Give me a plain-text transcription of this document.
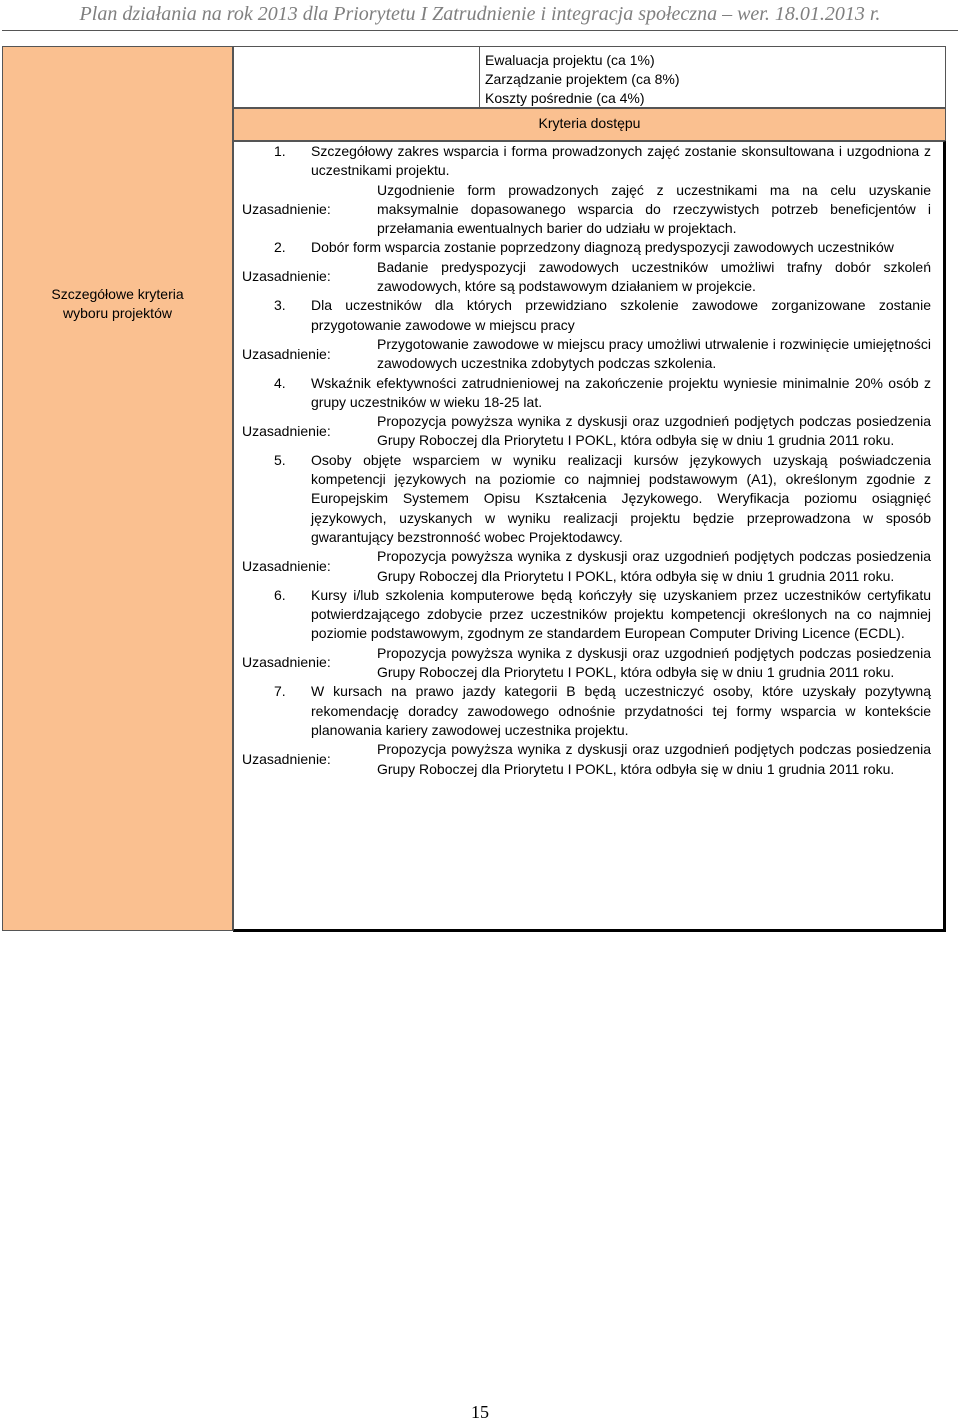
Plan działania na rok 2013 dla Priorytetu I Zatrudnienie i integracja społeczna – wer. 18.01.2013 r.
Szczegółowe kryteria
wyboru projektów
Ewaluacja projektu (ca 1%)
Zarządzanie projektem (ca 8%)
Koszty pośrednie (ca 4%)
Kryteria dostępu
1.	Szczegółowy zakres wsparcia i forma prowadzonych zajęć zostanie skonsultowana i uzgodniona z uczestnikami projektu.
Uzasadnienie:
Uzgodnienie form prowadzonych zajęć z uczestnikami ma na celu uzyskanie maksymalnie dopasowanego wsparcia do rzeczywistych potrzeb beneficjentów i przełamania ewentualnych barier do udziału w projektach.
2.	Dobór form wsparcia zostanie poprzedzony diagnozą predyspozycji zawodowych uczestników
Uzasadnienie:
Badanie predyspozycji zawodowych uczestników umożliwi trafny dobór szkoleń zawodowych, które są podstawowym działaniem w projekcie.
3.	Dla uczestników dla których przewidziano szkolenie zawodowe zorganizowane zostanie przygotowanie zawodowe w miejscu pracy
Uzasadnienie:
Przygotowanie zawodowe w miejscu pracy umożliwi utrwalenie i rozwinięcie umiejętności zawodowych uczestnika zdobytych podczas szkolenia.
4.	Wskaźnik efektywności zatrudnieniowej na zakończenie projektu wyniesie minimalnie 20% osób z grupy uczestników w wieku 18-25 lat.
Uzasadnienie:
Propozycja powyższa wynika z dyskusji oraz uzgodnień podjętych podczas posiedzenia Grupy Roboczej dla Priorytetu I POKL, która odbyła się w dniu 1 grudnia 2011 roku.
5.	Osoby objęte wsparciem w wyniku realizacji kursów językowych uzyskają poświadczenia kompetencji językowych na poziomie co najmniej podstawowym (A1), określonym zgodnie z Europejskim Systemem Opisu Kształcenia Językowego. Weryfikacja poziomu osiągnięć językowych, uzyskanych w wyniku realizacji projektu będzie przeprowadzona w sposób gwarantujący bezstronność wobec Projektodawcy.
Uzasadnienie:
Propozycja powyższa wynika z dyskusji oraz uzgodnień podjętych podczas posiedzenia Grupy Roboczej dla Priorytetu I POKL, która odbyła się w dniu 1 grudnia 2011 roku.
6.	Kursy i/lub szkolenia komputerowe będą kończyły się uzyskaniem przez uczestników certyfikatu potwierdzającego zdobycie przez uczestników projektu kompetencji określonych na co najmniej poziomie podstawowym, zgodnym ze standardem European Computer Driving Licence (ECDL).
Uzasadnienie:
Propozycja powyższa wynika z dyskusji oraz uzgodnień podjętych podczas posiedzenia Grupy Roboczej dla Priorytetu I POKL, która odbyła się w dniu 1 grudnia 2011 roku.
7.	W kursach na prawo jazdy kategorii B będą uczestniczyć osoby, które uzyskały pozytywną rekomendację doradcy zawodowego odnośnie przydatności tej formy wsparcia w kontekście planowania kariery zawodowej uczestnika projektu.
Uzasadnienie:
Propozycja powyższa wynika z dyskusji oraz uzgodnień podjętych podczas posiedzenia Grupy Roboczej dla Priorytetu I POKL, która odbyła się w dniu 1 grudnia 2011 roku.
15
